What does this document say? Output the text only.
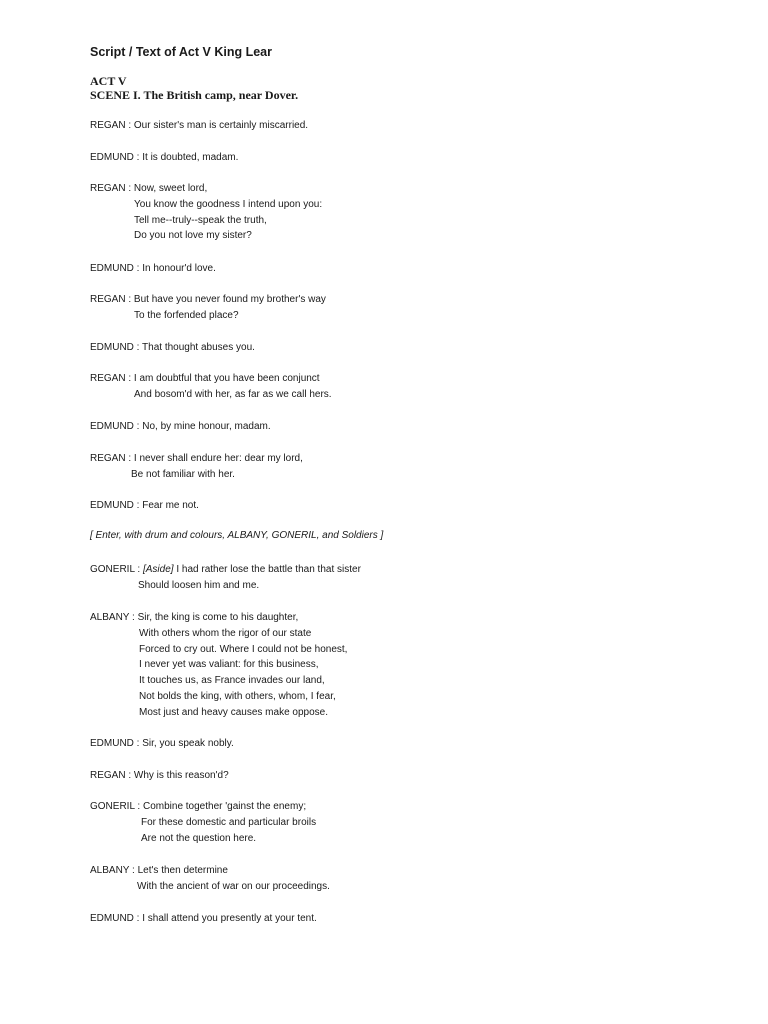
Script / Text of Act V King Lear
ACT V
SCENE I. The British camp, near Dover.
REGAN : Our sister's man is certainly miscarried.
EDMUND : It is doubted, madam.
REGAN : Now, sweet lord,
You know the goodness I intend upon you:
Tell me--truly--speak the truth,
Do you not love my sister?
EDMUND : In honour'd love.
REGAN : But have you never found my brother's way
To the forfended place?
EDMUND : That thought abuses you.
REGAN : I am doubtful that you have been conjunct
And bosom'd with her, as far as we call hers.
EDMUND : No, by mine honour, madam.
REGAN : I never shall endure her: dear my lord,
Be not familiar with her.
EDMUND : Fear me not.
[ Enter, with drum and colours, ALBANY, GONERIL, and Soldiers ]
GONERIL : [Aside] I had rather lose the battle than that sister
Should loosen him and me.
ALBANY : Sir, the king is come to his daughter,
With others whom the rigor of our state
Forced to cry out. Where I could not be honest,
I never yet was valiant: for this business,
It touches us, as France invades our land,
Not bolds the king, with others, whom, I fear,
Most just and heavy causes make oppose.
EDMUND : Sir, you speak nobly.
REGAN : Why is this reason'd?
GONERIL : Combine together 'gainst the enemy;
For these domestic and particular broils
Are not the question here.
ALBANY : Let's then determine
With the ancient of war on our proceedings.
EDMUND : I shall attend you presently at your tent.
